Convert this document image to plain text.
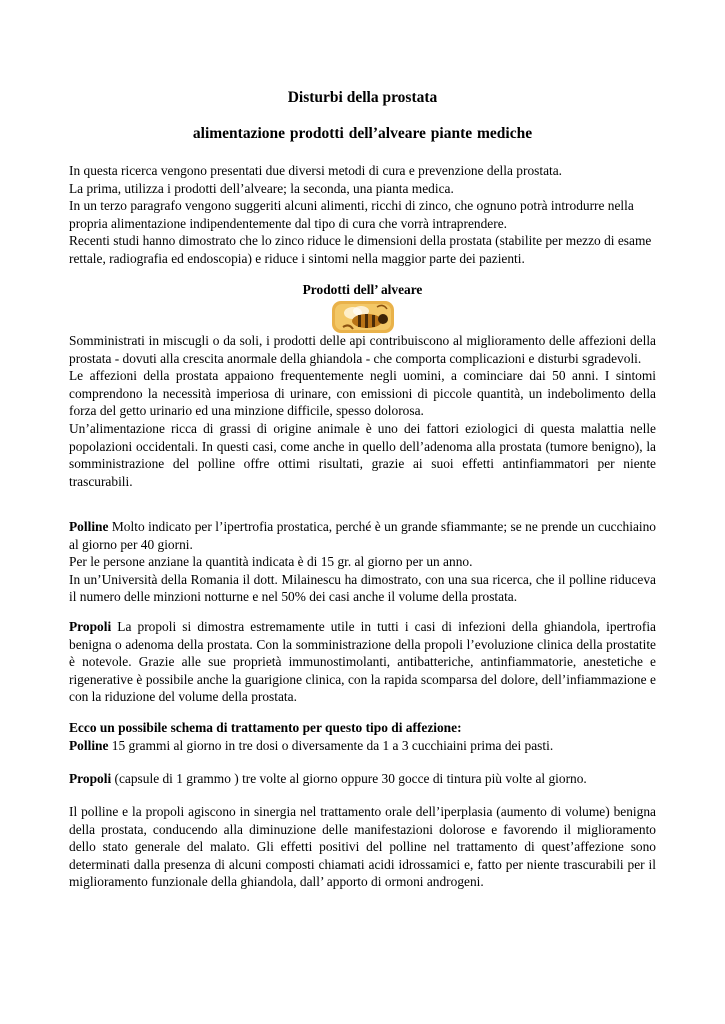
Disturbi della prostata
alimentazione prodotti dell’alveare piante mediche

In questa ricerca vengono presentati due diversi metodi di cura e prevenzione della prostata.

La prima, utilizza i prodotti dell’alveare; la seconda, una pianta medica.

In un terzo paragrafo vengono suggeriti alcuni alimenti, ricchi di zinco, che ognuno potrà introdurre nella propria alimentazione indipendentemente dal tipo di cura che vorrà intraprendere.

Recenti studi hanno dimostrato che lo zinco riduce le dimensioni della prostata (stabilite per mezzo di esame rettale, radiografia ed endoscopia) e riduce i sintomi nella maggior parte dei pazienti.

Prodotti dell’ alveare

Somministrati in miscugli o da soli, i prodotti delle api contribuiscono al miglioramento delle affezioni della prostata - dovuti alla crescita anormale della ghiandola - che comporta complicazioni e disturbi sgradevoli.

Le affezioni della prostata appaiono frequentemente negli uomini, a cominciare dai 50 anni. I sintomi comprendono la necessità imperiosa di urinare, con emissioni di piccole quantità, un indebolimento della forza del getto urinario ed una minzione difficile, spesso dolorosa.

Un’alimentazione ricca di grassi di origine animale è uno dei fattori eziologici di questa malattia nelle popolazioni occidentali. In questi casi, come anche in quello dell’adenoma alla prostata (tumore benigno), la somministrazione del polline offre ottimi risultati, grazie ai suoi effetti antinfiammatori per niente trascurabili.

Polline Molto indicato per l’ipertrofia prostatica, perché è un grande sfiammante; se ne prende un cucchiaino al giorno per 40 giorni.

Per le persone anziane la quantità indicata è di 15 gr. al giorno per un anno.

In un’Università della Romania il dott. Milainescu ha dimostrato, con una sua ricerca, che il polline riduceva il numero delle minzioni notturne e nel 50% dei casi anche il volume della prostata.

Propoli La propoli si dimostra estremamente utile in tutti i casi di infezioni della ghiandola, ipertrofia benigna o adenoma della prostata. Con la somministrazione della propoli l’evoluzione clinica della prostatite è notevole. Grazie alle sue proprietà immunostimolanti, antibatteriche, antinfiammatorie, anestetiche e rigenerative è possibile anche la guarigione clinica, con la rapida scomparsa del dolore, dell’infiammazione e con la riduzione del volume della prostata.

Ecco un possibile schema di trattamento per questo tipo di affezione:

Polline 15 grammi al giorno in tre dosi o diversamente da 1 a 3 cucchiaini prima dei pasti.

Propoli (capsule di 1 grammo ) tre volte al giorno oppure 30 gocce di tintura più volte al giorno.

Il polline e la propoli agiscono in sinergia nel trattamento orale dell’iperplasia (aumento di volume) benigna della prostata, conducendo alla diminuzione delle manifestazioni dolorose e favorendo il miglioramento dello stato generale del malato. Gli effetti positivi del polline nel trattamento di quest’affezione sono determinati dalla presenza di alcuni composti chiamati acidi idrossamici e, fatto per niente trascurabili per il miglioramento funzionale della ghiandola, dall’ apporto di ormoni androgeni.
